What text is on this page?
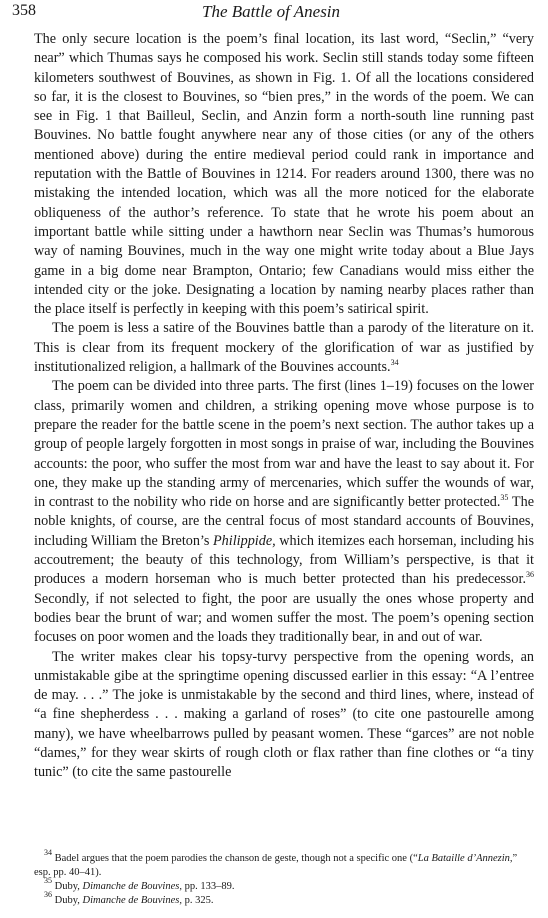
358	The Battle of Anesin

The only secure location is the poem’s final location, its last word, “Seclin,” “very near” which Thumas says he composed his work. Seclin still stands today some fifteen kilometers southwest of Bouvines, as shown in Fig. 1. Of all the locations considered so far, it is the closest to Bouvines, so “bien pres,” in the words of the poem. We can see in Fig. 1 that Bailleul, Seclin, and Anzin form a north-south line running past Bouvines. No battle fought anywhere near any of those cities (or any of the others mentioned above) during the entire medieval period could rank in importance and reputation with the Battle of Bouvines in 1214. For readers around 1300, there was no mistaking the intended location, which was all the more noticed for the elaborate obliqueness of the author’s reference. To state that he wrote his poem about an important battle while sitting under a hawthorn near Seclin was Thumas’s humorous way of naming Bouvines, much in the way one might write today about a Blue Jays game in a big dome near Brampton, Ontario; few Canadians would miss either the intended city or the joke. Designating a location by naming nearby places rather than the place itself is perfectly in keeping with this poem’s satirical spirit.

The poem is less a satire of the Bouvines battle than a parody of the literature on it. This is clear from its frequent mockery of the glorification of war as justified by institutionalized religion, a hallmark of the Bouvines accounts.$^{34}$

The poem can be divided into three parts. The first (lines 1–19) focuses on the lower class, primarily women and children, a striking opening move whose purpose is to prepare the reader for the battle scene in the poem’s next section. The author takes up a group of people largely forgotten in most songs in praise of war, including the Bouvines accounts: the poor, who suffer the most from war and have the least to say about it. For one, they make up the standing army of mercenaries, which suffer the wounds of war, in contrast to the nobility who ride on horse and are significantly better protected.$^{35}$ The noble knights, of course, are the central focus of most standard accounts of Bouvines, including William the Breton’s Philippide, which itemizes each horseman, including his accoutrement; the beauty of this technology, from William’s perspective, is that it produces a modern horseman who is much better protected than his predecessor.$^{36}$ Secondly, if not selected to fight, the poor are usually the ones whose property and bodies bear the brunt of war; and women suffer the most. The poem’s opening section focuses on poor women and the loads they traditionally bear, in and out of war.

The writer makes clear his topsy-turvy perspective from the opening words, an unmistakable gibe at the springtime opening discussed earlier in this essay: “A l’entree de may. . . .” The joke is unmistakable by the second and third lines, where, instead of “a fine shepherdess . . . making a garland of roses” (to cite one pastourelle among many), we have wheelbarrows pulled by peasant women. These “garces” are not noble “dames,” for they wear skirts of rough cloth or flax rather than fine clothes or “a tiny tunic” (to cite the same pastourelle

$^{34}$ Badel argues that the poem parodies the chanson de geste, though not a specific one (“La Bataille d’Annezin,” esp. pp. 40–41).

$^{35}$ Duby, Dimanche de Bouvines, pp. 133–89.

$^{36}$ Duby, Dimanche de Bouvines, p. 325.
